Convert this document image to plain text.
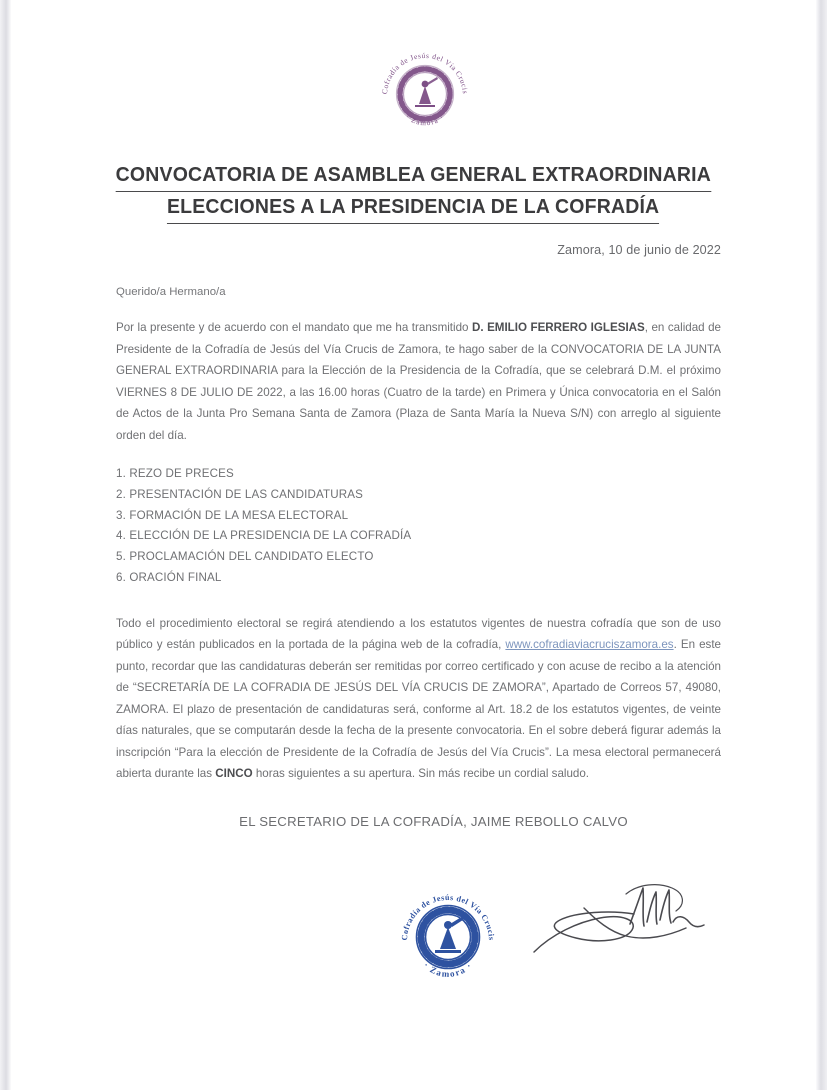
Cofradía de Jesús del Vía Crucis
· Zamora ·
CONVOCATORIA DE ASAMBLEA GENERAL EXTRAORDINARIA
ELECCIONES A LA PRESIDENCIA DE LA COFRADÍA
Zamora, 10 de junio de 2022
Querido/a Hermano/a

Por la presente y de acuerdo con el mandato que me ha transmitido D. EMILIO FERRERO IGLESIAS, en calidad de Presidente de la Cofradía de Jesús del Vía Crucis de Zamora, te hago saber de la CONVOCATORIA DE LA JUNTA GENERAL EXTRAORDINARIA para la Elección de la Presidencia de la Cofradía, que se celebrará D.M. el próximo VIERNES 8 DE JULIO DE 2022, a las 16.00 horas (Cuatro de la tarde) en Primera y Única convocatoria en el Salón de Actos de la Junta Pro Semana Santa de Zamora (Plaza de Santa María la Nueva S/N) con arreglo al siguiente orden del día.

1. REZO DE PRECES
2. PRESENTACIÓN DE LAS CANDIDATURAS
3. FORMACIÓN DE LA MESA ELECTORAL
4. ELECCIÓN DE LA PRESIDENCIA DE LA COFRADÍA
5. PROCLAMACIÓN DEL CANDIDATO ELECTO
6. ORACIÓN FINAL

Todo el procedimiento electoral se regirá atendiendo a los estatutos vigentes de nuestra cofradía que son de uso público y están publicados en la portada de la página web de la cofradía, www.cofradiaviacruciszamora.es. En este punto, recordar que las candidaturas deberán ser remitidas por correo certificado y con acuse de recibo a la atención de “SECRETARÍA DE LA COFRADIA DE JESÚS DEL VÍA CRUCIS DE ZAMORA”, Apartado de Correos 57, 49080, ZAMORA. El plazo de presentación de candidaturas será, conforme al Art. 18.2 de los estatutos vigentes, de veinte días naturales, que se computarán desde la fecha de la presente convocatoria. En el sobre deberá figurar además la inscripción “Para la elección de Presidente de la Cofradía de Jesús del Vía Crucis”. La mesa electoral permanecerá abierta durante las CINCO horas siguientes a su apertura. Sin más recibe un cordial saludo.

EL SECRETARIO DE LA COFRADÍA, JAIME REBOLLO CALVO
Cofradía de Jesús del Vía Crucis
· Zamora ·
